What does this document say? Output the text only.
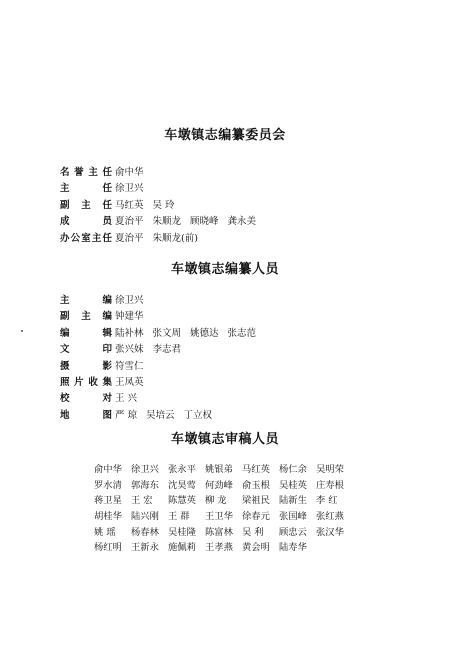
车墩镇志编纂委员会
名誉主任 俞中华
主任 徐卫兴
副主任 马红英 吴 玲
成员 夏治平 朱顺龙 顾晓峰 龚永美
办公室主任 夏治平 朱顺龙(前)
车墩镇志编纂人员
主编 徐卫兴
副主编 钟建华
编辑 陆补林 张文周 姚德达 张志范
文印 张兴妹 李志君
摄影 符雪仁
照片收集 王凤英
校对 王 兴
地图 严 琼 吴培云 丁立权
车墩镇志审稿人员
俞中华 徐卫兴 张永平 姚银弟 马红英 杨仁余 吴明荣
罗水清 郭海东 沈昊莺 何劲峰 俞玉根 吴桂英 庄寿根
蒋卫星 王 宏 陈慧英 柳 龙 梁祖民 陆新生 李 红
胡桂华 陆兴刚 王 群 王卫华 徐春元 张国峰 张红燕
姚 瑶 杨春林 吴桂隆 陈富林 吴 利 顾忠云 张汉华
杨红明 王新永 施佩莉 王孝燕 黄会明 陆寿华
